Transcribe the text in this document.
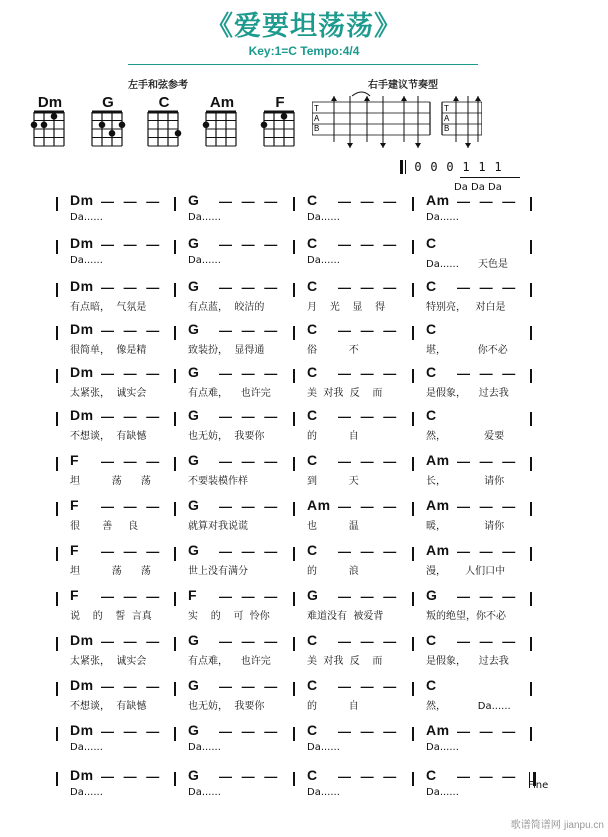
《爱要坦荡荡》
Key:1=C Tempo:4/4
左手和弦参考	右手建议节奏型
Dm	G	C	Am	F	T
A
B
T
A
B
0 0 0 1 1 1
Da Da Da
Dm — — —
Da......
G — — —
Da......
C — — —
Da......
Am — — —
Da......
Dm — — —
Da......
G — — —
Da......
C — — —
Da......
C
Da......      天色是
Dm — — —
有点暗，  气氛是
G — — —
有点蓝，  皎洁的
C — — —
月    光    显    得
C — — —
特别亮，   对白是
Dm — — —
很简单，  像是精
G — — —
致装扮，  显得通
C — — —
俗          不
C
堪，          你不必
Dm — — —
太紧张，  诚实会
G — — —
有点难，    也许完
C — — —
美  对我  反    而
C — — —
是假象，    过去我
Dm — — —
不想谈，  有缺憾
G — — —
也无妨，  我要你
C — — —
的          自
C
然，            爱要
F — — —
坦          荡      荡
G — — —
不要装模作样
C — — —
到          天
Am — — —
长，            请你
F — — —
很       善     良
G — — —
就算对我说谎
Am — — —
也          温
Am — — —
暖，            请你
F — — —
坦          荡      荡
G — — —
世上没有满分
C — — —
的          浪
Am — — —
漫，      人们口中
F — — —
说    的    誓  言真
F — — —
实    的    可  怜你
G — — —
难道没有  被爱背
G — — —
叛的绝望，你不必
Dm — — —
太紧张，  诚实会
G — — —
有点难，    也许完
C — — —
美  对我  反    而
C — — —
是假象，    过去我
Dm — — —
不想谈，  有缺憾
G — — —
也无妨，  我要你
C — — —
的          自
C
然，          Da......
Dm — — —
Da......
G — — —
Da......
C — — —
Da......
Am — — —
Da......
Dm — — —
Da......
G — — —
Da......
C — — —
Da......
C — — —
Da......
Fine
歌谱简谱网 jianpu.cn
